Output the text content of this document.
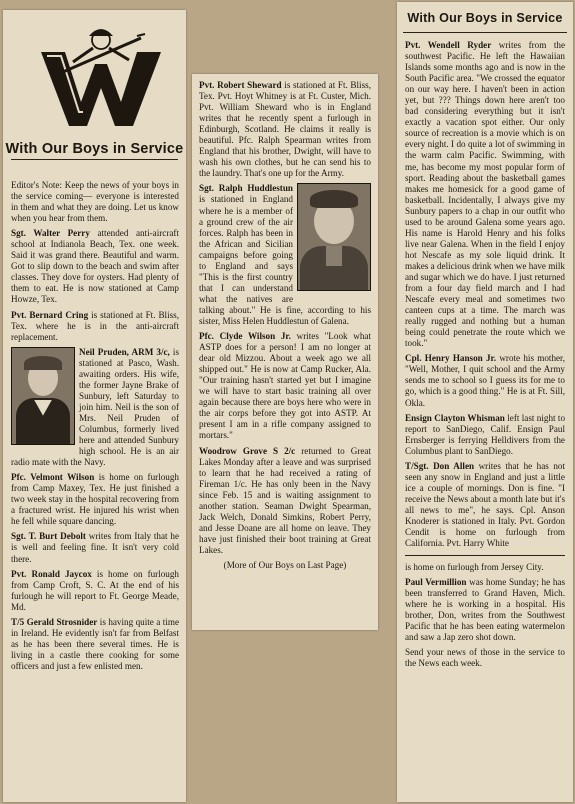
With Our Boys in Service

Editor's Note: Keep the news of your boys in the service coming— everyone is interested in them and what they are doing. Let us know when you hear from them.

Sgt. Walter Perry attended anti-aircraft school at Indianola Beach, Tex. one week. Said it was grand there. Beautiful and warm. Got to slip down to the beach and swim after classes. They dove for oysters. Had plenty of them to eat. He is now stationed at Camp Howze, Tex.

Pvt. Bernard Cring is stationed at Ft. Bliss, Tex. where he is in the anti-aircraft replacement.

Neil Pruden, ARM 3/c, is stationed at Pasco, Wash. awaiting orders. His wife, the former Jayne Brake of Sunbury, left Saturday to join him. Neil is the son of Mrs. Neil Pruden of Columbus, formerly lived here and attended Sunbury high school. He is an air radio mate with the Navy.

Pfc. Velmont Wilson is home on furlough from Camp Maxey, Tex. He just finished a two week stay in the hospital recovering from a fractured wrist. He injured his wrist when he fell while square dancing.

Sgt. T. Burt Debolt writes from Italy that he is well and feeling fine. It isn't very cold there.

Pvt. Ronald Jaycox is home on furlough from Camp Croft, S. C. At the end of his furlough he will report to Ft. George Meade, Md.

T/5 Gerald Strosnider is having quite a time in Ireland. He evidently isn't far from Belfast as he has been there several times. He is living in a castle there cooking for some officers and just a few enlisted men.

Pvt. Robert Sheward is stationed at Ft. Bliss, Tex. Pvt. Hoyt Whitney is at Ft. Custer, Mich. Pvt. William Sheward who is in England writes that he recently spent a furlough in Edinburgh, Scotland. He claims it really is beautiful. Pfc. Ralph Spearman writes from England that his brother, Dwight, will have to wash his own clothes, but he can send his to the laundry. That's one up for the Army.

Sgt. Ralph Huddlestun is stationed in England where he is a member of a ground crew of the air forces. Ralph has been in the African and Sicilian campaigns before going to England and says "This is the first country that I can understand what the natives are talking about." He is fine, according to his sister, Miss Helen Huddlestun of Galena.

Pfc. Clyde Wilson Jr. writes "Look what ASTP does for a person! I am no longer at dear old Mizzou. About a week ago we all shipped out." He is now at Camp Rucker, Ala. "Our training hasn't started yet but I imagine we will have to start basic training all over again because there are boys here who were in the air corps before they got into ASTP. At present I am in a rifle company assigned to mortars."

Woodrow Grove S 2/c returned to Great Lakes Monday after a leave and was surprised to learn that he had received a rating of Fireman 1/c. He has only been in the Navy since Feb. 15 and is waiting assignment to another station. Seaman Dwight Spearman, Jack Welch, Donald Simkins, Robert Perry, and Jesse Doane are all home on leave. They have just finished their boot training at Great Lakes.

(More of Our Boys on Last Page)

With Our Boys in Service

Pvt. Wendell Ryder writes from the southwest Pacific. He left the Hawaiian Islands some months ago and is now in the South Pacific area. "We crossed the equator on our way here. I haven't been in action yet, but ??? Things down here aren't too bad considering everything but it isn't exactly a vacation spot either. Our only source of recreation is a movie which is on every night. I do quite a lot of swimming in the warm calm Pacific. Swimming, with me, has become my most popular form of sport. Reading about the basketball games makes me homesick for a good game of basketball. Incidentally, I always give my Sunbury papers to a chap in our outfit who used to be around Galena some years ago. His name is Harold Henry and his folks live near Galena. When in the field I enjoy hot Nescafe as my sole liquid drink. It makes a delicious drink when we have milk and sugar which we do have. I just returned from a four day field march and I had Nescafe every meal and sometimes two canteen cups at a time. The march was really rugged and nothing but a human being could penetrate the route which we took."

Cpl. Henry Hanson Jr. wrote his mother, "Well, Mother, I quit school and the Army sends me to school so I guess its for me to go, which is a good thing." He is at Ft. Sill, Okla.

Ensign Clayton Whisman left last night to report to SanDiego, Calif. Ensign Paul Ernsberger is ferrying Helldivers from the Columbus plant to SanDiego.

T/Sgt. Don Allen writes that he has not seen any snow in England and just a little ice a couple of mornings. Don is fine. "I receive the News about a month late but it's all news to me", he says. Cpl. Anson Knoderer is stationed in Italy. Pvt. Gordon Cendit is home on furlough from California. Pvt. Harry White

is home on furlough from Jersey City.

Paul Vermillion was home Sunday; he has been transferred to Grand Haven, Mich. where he is working in a hospital. His brother, Don, writes from the Southwest Pacific that he has been eating watermelon and saw a Jap zero shot down.

Send your news of those in the service to the News each week.
